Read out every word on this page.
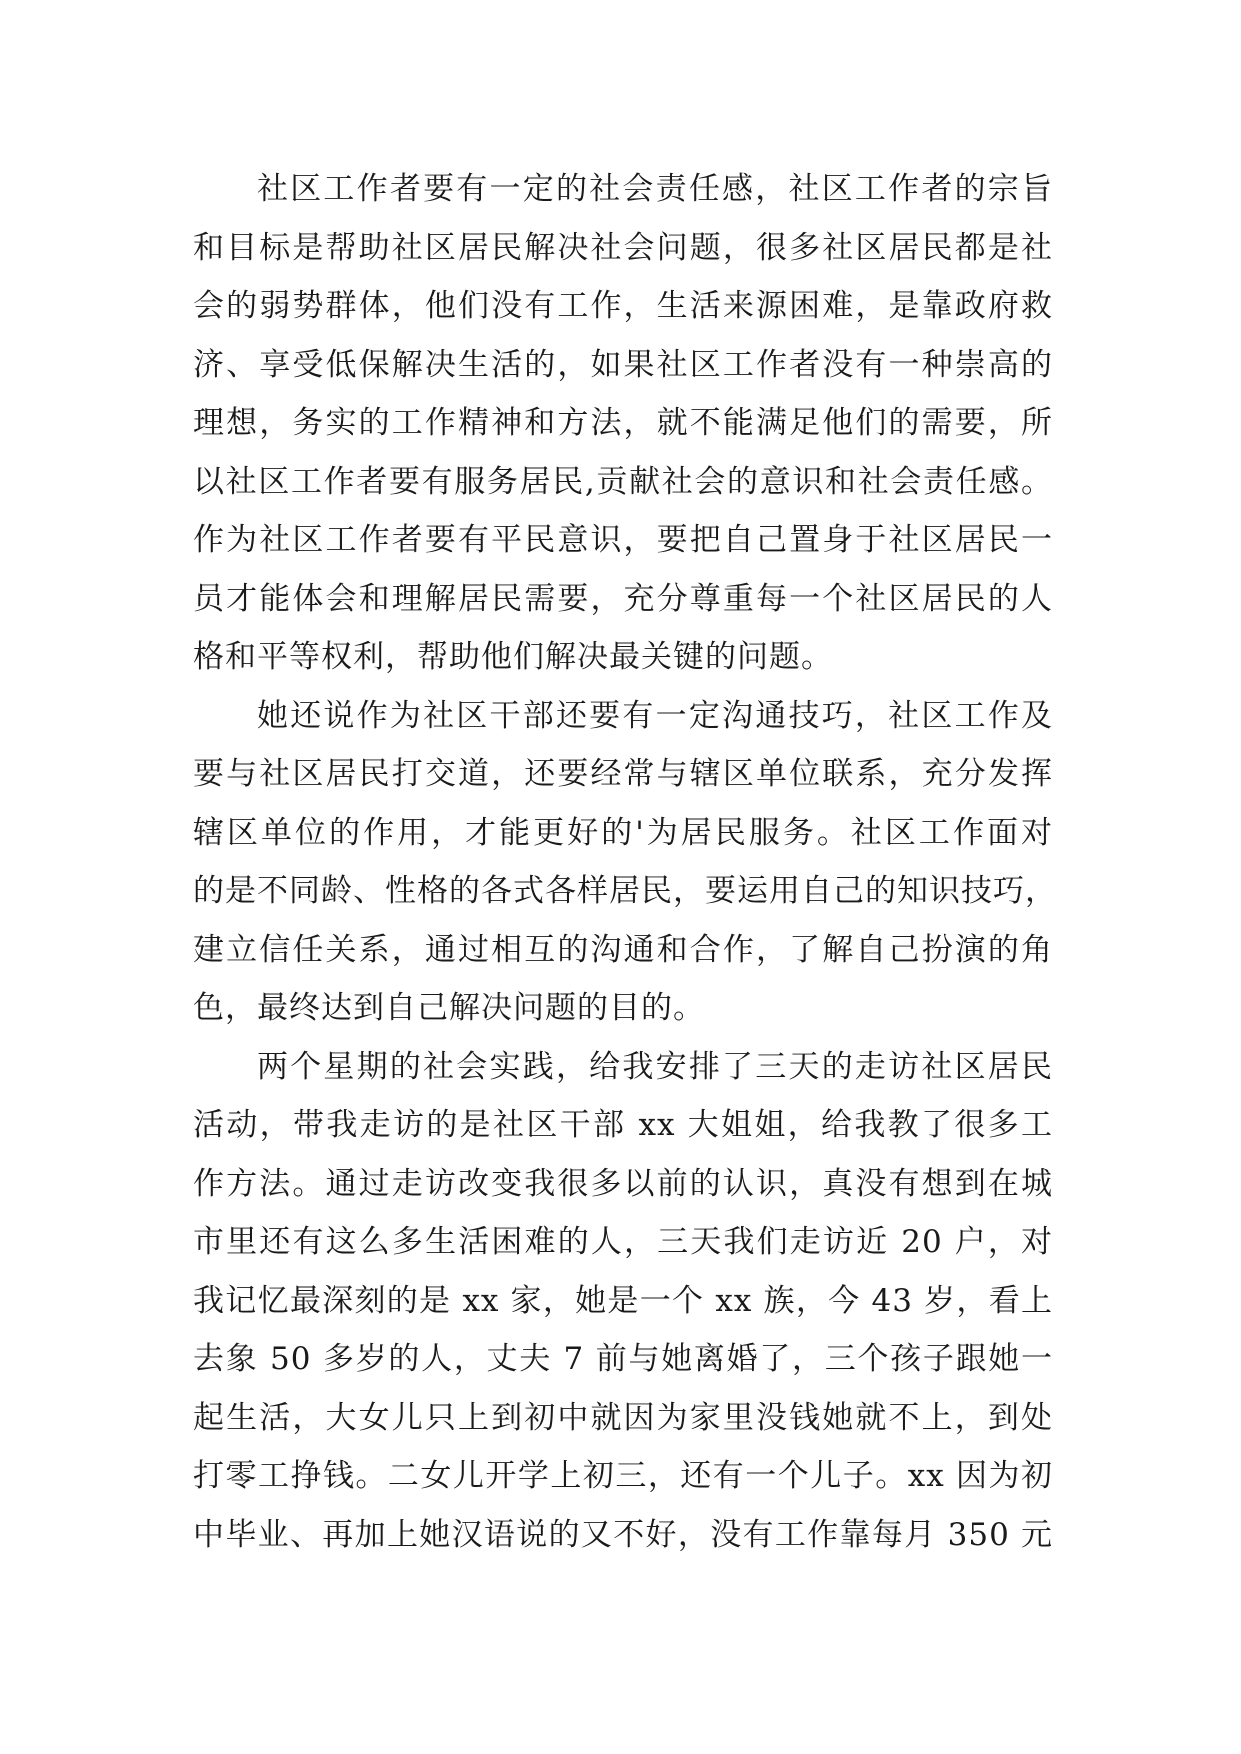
社区工作者要有一定的社会责任感，社区工作者的宗旨
和目标是帮助社区居民解决社会问题，很多社区居民都是社
会的弱势群体，他们没有工作，生活来源困难，是靠政府救
济、享受低保解决生活的，如果社区工作者没有一种崇高的
理想，务实的工作精神和方法，就不能满足他们的需要，所
以社区工作者要有服务居民,贡献社会的意识和社会责任感。
作为社区工作者要有平民意识，要把自己置身于社区居民一
员才能体会和理解居民需要，充分尊重每一个社区居民的人
格和平等权利，帮助他们解决最关键的问题。
她还说作为社区干部还要有一定沟通技巧，社区工作及
要与社区居民打交道，还要经常与辖区单位联系，充分发挥
辖区单位的作用，才能更好的'为居民服务。社区工作面对
的是不同龄、性格的各式各样居民，要运用自己的知识技巧，
建立信任关系，通过相互的沟通和合作，了解自己扮演的角
色，最终达到自己解决问题的目的。
两个星期的社会实践，给我安排了三天的走访社区居民
活动，带我走访的是社区干部 xx 大姐姐，给我教了很多工
作方法。通过走访改变我很多以前的认识，真没有想到在城
市里还有这么多生活困难的人，三天我们走访近 20 户，对
我记忆最深刻的是 xx 家，她是一个 xx 族，今 43 岁，看上
去象 50 多岁的人，丈夫 7 前与她离婚了，三个孩子跟她一
起生活，大女儿只上到初中就因为家里没钱她就不上，到处
打零工挣钱。二女儿开学上初三，还有一个儿子。xx 因为初
中毕业、再加上她汉语说的又不好，没有工作靠每月 350 元
